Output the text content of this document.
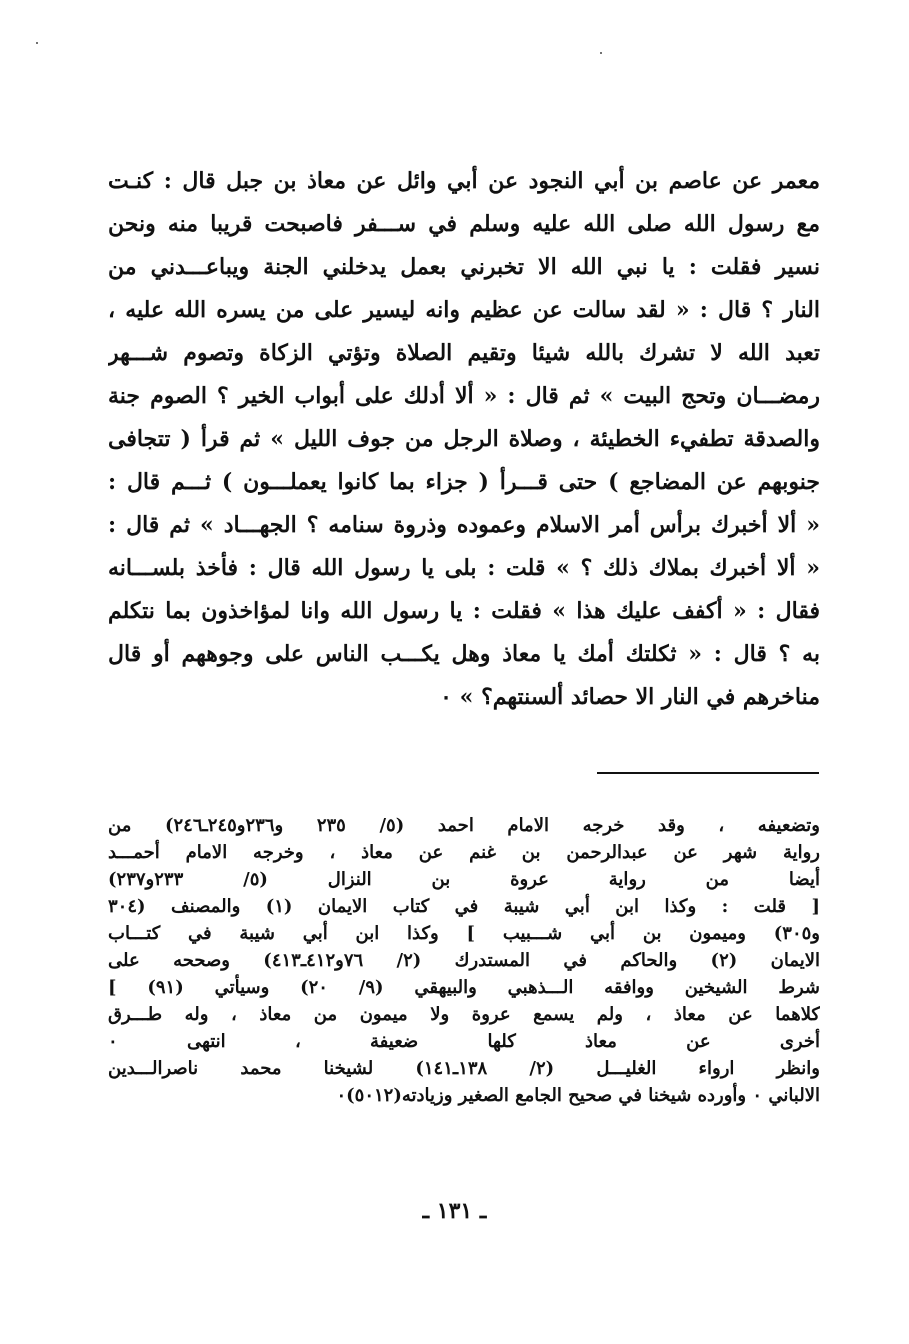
معمر عن عاصم بن أبي النجود عن أبي وائل عن معاذ بن جبل قال : كنـت
مع رسول الله صلى الله عليه وسلم في ســـفر فاصبحت قريبا منه ونحن
نسير فقلت : يا نبي الله الا تخبرني بعمل يدخلني الجنة ويباعـــدني من
النار ؟ قال : « لقد سالت عن عظيم وانه ليسير على من يسره الله عليه ،
تعبد الله لا تشرك بالله شيئا وتقيم الصلاة وتؤتي الزكاة وتصوم شـــهر
رمضـــان وتحج البيت » ثم قال : « ألا أدلك على أبواب الخير ؟ الصوم جنة
والصدقة تطفيء الخطيئة ، وصلاة الرجل من جوف الليل » ثم قرأ ( تتجافى
جنوبهم عن المضاجع ) حتى قـــرأ ( جزاء بما كانوا يعملـــون ) ثـــم قال :
« ألا أخبرك برأس أمر الاسلام وعموده وذروة سنامه ؟ الجهـــاد » ثم قال :
« ألا أخبرك بملاك ذلك ؟ » قلت : بلى يا رسول الله قال : فأخذ بلســـانه
فقال : « أكفف عليك هذا » فقلت : يا رسول الله وانا لمؤاخذون بما نتكلم
به ؟ قال : « ثكلتك أمك يا معاذ وهل يكـــب الناس على وجوههم أو قال
مناخرهم في النار الا حصائد ألسنتهم؟ » ٠
وتضعيفه ، وقد خرجه الامام احمد (٥/ ٢٣٥ و٢٣٦و٢٤٥ـ٢٤٦) من
رواية شهر عن عبدالرحمن بن غنم عن معاذ ، وخرجه الامام أحمـــد
أيضا من رواية عروة بن النزال (٥/ ٢٣٣و٢٣٧)
[ قلت : وكذا ابن أبي شيبة في كتاب الايمان (١) والمصنف (٣٠٤
و٣٠٥) وميمون بن أبي شـــبيب ] وكذا ابن أبي شيبة في كتـــاب
الايمان (٢) والحاكم في المستدرك (٢/ ٧٦و٤١٢ـ٤١٣) وصححه على
شرط الشيخين ووافقه الـــذهبي والبيهقي (٩/ ٢٠) وسيأتي (٩١) ]
كلاهما عن معاذ ، ولم يسمع عروة ولا ميمون من معاذ ، وله طـــرق
أخرى عن معاذ كلها ضعيفة ، انتهى ٠
وانظر ارواء الغليـــل (٢/ ١٣٨ـ١٤١) لشيخنا محمد ناصرالـــدين
الالباني ٠ وأورده شيخنا في صحيح الجامع الصغير وزيادته(٥٠١٢)٠
ـ ١٣١ ـ
